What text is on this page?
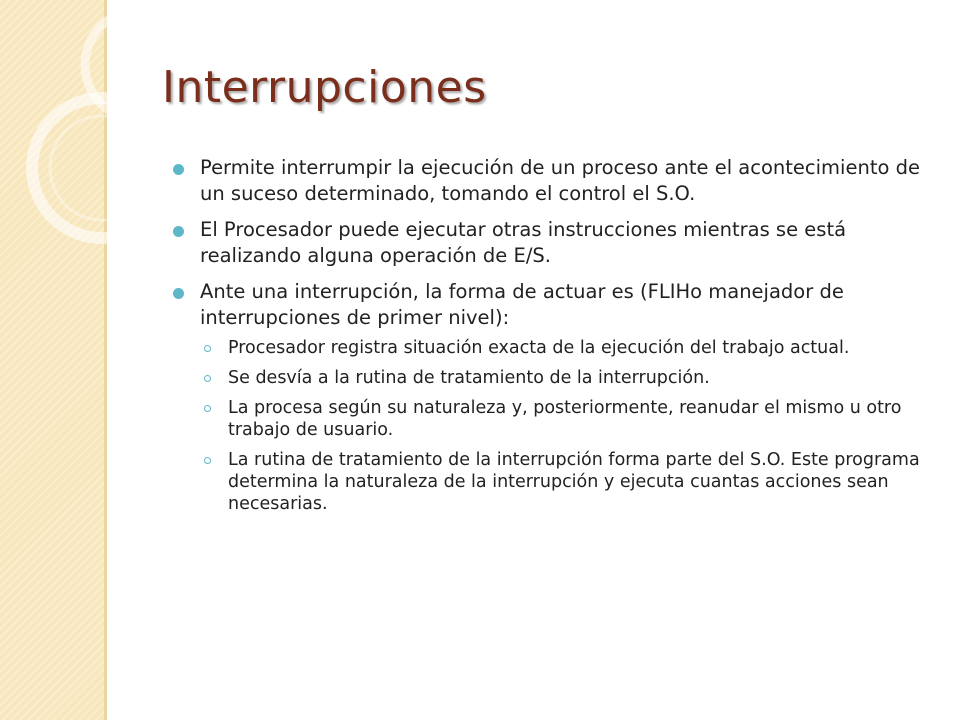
Interrupciones
Permite interrumpir la ejecución de un proceso ante el acontecimiento de un suceso determinado, tomando el control el S.O.
El Procesador puede ejecutar otras instrucciones mientras se está realizando alguna operación de E/S.
Ante una interrupción, la forma de actuar es (FLIHo manejador de interrupciones de primer nivel):
Procesador registra situación exacta de la ejecución del trabajo actual.
Se desvía a la rutina de tratamiento de la interrupción.
La procesa según su naturaleza y, posteriormente, reanudar el mismo u otro trabajo de usuario.
La rutina de tratamiento de la interrupción forma parte del S.O. Este programa determina la naturaleza de la interrupción y ejecuta cuantas acciones sean necesarias.
